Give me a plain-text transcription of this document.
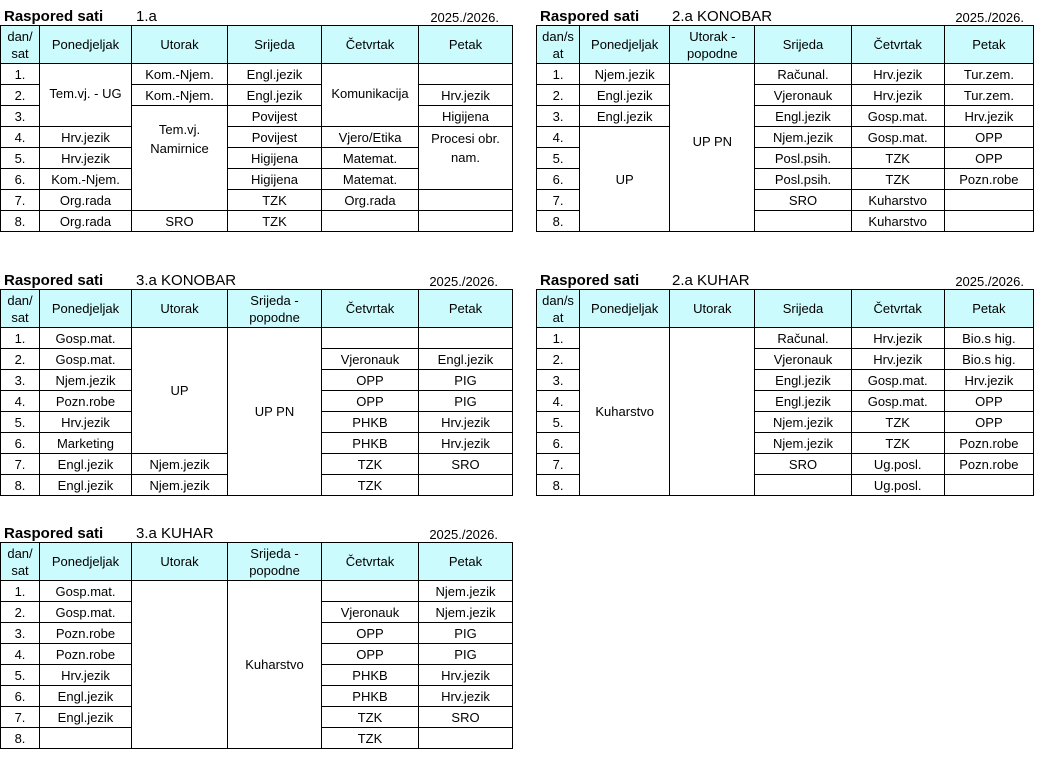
Raspored sati 1.a	2025./2026.
dan/ sat	Ponedjeljak	Utorak	Srijeda	Četvrtak	Petak
1.	Tem.vj. - UG	Kom.-Njem.	Engl.jezik	Komunikacija	
2.		Kom.-Njem.	Engl.jezik		Hrv.jezik
3.		Tem.vj. Namirnice	Povijest		Higijena
4.	Hrv.jezik		Povijest	Vjero/Etika	Procesi obr. nam.
5.	Hrv.jezik		Higijena	Matemat.	
6.	Kom.-Njem.		Higijena	Matemat.	
7.	Org.rada		TZK	Org.rada	
8.	Org.rada	SRO	TZK		
Raspored sati 2.a KONOBAR	2025./2026.
dan/s at	Ponedjeljak	Utorak - popodne	Srijeda	Četvrtak	Petak
1.	Njem.jezik	UP PN	Računal.	Hrv.jezik	Tur.zem.
2.	Engl.jezik		Vjeronauk	Hrv.jezik	Tur.zem.
3.	Engl.jezik		Engl.jezik	Gosp.mat.	Hrv.jezik
4.	UP		Njem.jezik	Gosp.mat.	OPP
5.			Posl.psih.	TZK	OPP
6.			Posl.psih.	TZK	Pozn.robe
7.			SRO	Kuharstvo	
8.				Kuharstvo	
Raspored sati 3.a KONOBAR	2025./2026.
dan/ sat	Ponedjeljak	Utorak	Srijeda - popodne	Četvrtak	Petak
1.	Gosp.mat.	UP	UP PN		
2.	Gosp.mat.			Vjeronauk	Engl.jezik
3.	Njem.jezik			OPP	PIG
4.	Pozn.robe			OPP	PIG
5.	Hrv.jezik			PHKB	Hrv.jezik
6.	Marketing			PHKB	Hrv.jezik
7.	Engl.jezik	Njem.jezik		TZK	SRO
8.	Engl.jezik	Njem.jezik		TZK	
Raspored sati 2.a KUHAR	2025./2026.
dan/s at	Ponedjeljak	Utorak	Srijeda	Četvrtak	Petak
1.	Kuharstvo		Računal.	Hrv.jezik	Bio.s hig.
2.			Vjeronauk	Hrv.jezik	Bio.s hig.
3.			Engl.jezik	Gosp.mat.	Hrv.jezik
4.			Engl.jezik	Gosp.mat.	OPP
5.			Njem.jezik	TZK	OPP
6.			Njem.jezik	TZK	Pozn.robe
7.			SRO	Ug.posl.	Pozn.robe
8.				Ug.posl.	
Raspored sati 3.a KUHAR	2025./2026.
dan/ sat	Ponedjeljak	Utorak	Srijeda - popodne	Četvrtak	Petak
1.	Gosp.mat.		Kuharstvo		Njem.jezik
2.	Gosp.mat.			Vjeronauk	Njem.jezik
3.	Pozn.robe			OPP	PIG
4.	Pozn.robe			OPP	PIG
5.	Hrv.jezik			PHKB	Hrv.jezik
6.	Engl.jezik			PHKB	Hrv.jezik
7.	Engl.jezik			TZK	SRO
8.				TZK	
